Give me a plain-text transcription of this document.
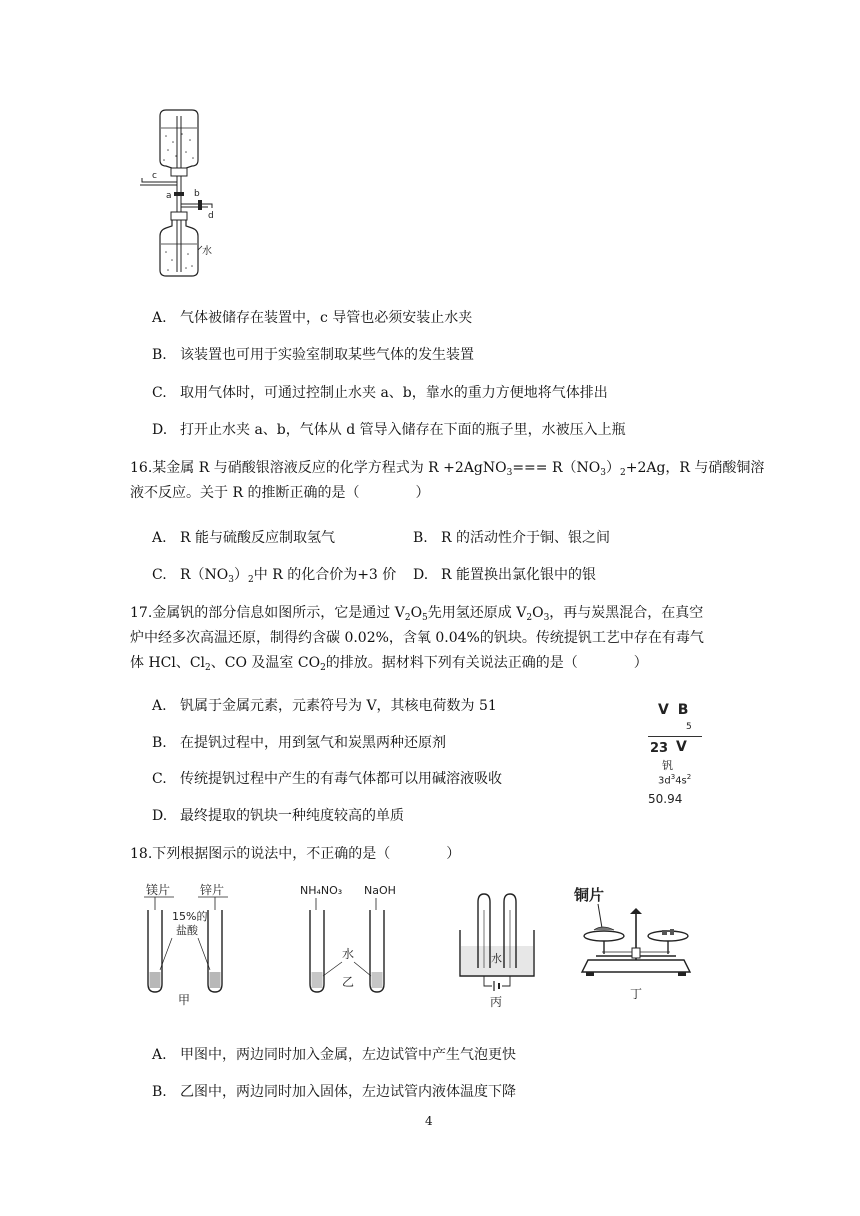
c
a b
d
水
A. 气体被储存在装置中，c 导管也必须安装止水夹
B. 该装置也可用于实验室制取某些气体的发生装置
C. 取用气体时，可通过控制止水夹 a、b，靠水的重力方便地将气体排出
D. 打开止水夹 a、b，气体从 d 管导入储存在下面的瓶子里，水被压入上瓶
16.某金属 R 与硝酸银溶液反应的化学方程式为 R +2AgNO$_3$=== $R(NO_3)_2+2Ag$，R 与硝酸铜溶
液不反应。关于 R 的推断正确的是（　　　　）
A. R 能与硫酸反应制取氢气	B. R 的活动性介于铜、银之间
C. $R(NO_3)_2$中 R 的化合价为+3 价 D. R 能置换出氯化银中的银
17.金属钒的部分信息如图所示，它是通过 $V_2O_5$先用氢还原成 $V_2O_3$，再与炭黑混合，在真空
炉中经多次高温还原，制得约含碳 0.02%，含氧 0.04%的钒块。传统提钒工艺中存在有毒气
体 HCl、$Cl_2$、CO 及温室 $CO_2$的排放。据材料下列有关说法正确的是（　　　　）
A. 钒属于金属元素，元素符号为 V，其核电荷数为 51
B. 在提钒过程中，用到氢气和炭黑两种还原剂
C. 传统提钒过程中产生的有毒气体都可以用碱溶液吸收
D. 最终提取的钒块一种纯度较高的单质
V B
5
23 V
钒
$3d^34s^2$
50.94
18.下列根据图示的说法中，不正确的是（　　　　）
镁片 锌片
15%的
盐酸
甲
NH₄NO₃ NaOH
水
乙
水
丙
铜片
丁
A. 甲图中，两边同时加入金属，左边试管中产生气泡更快
B. 乙图中，两边同时加入固体，左边试管内液体温度下降
4
